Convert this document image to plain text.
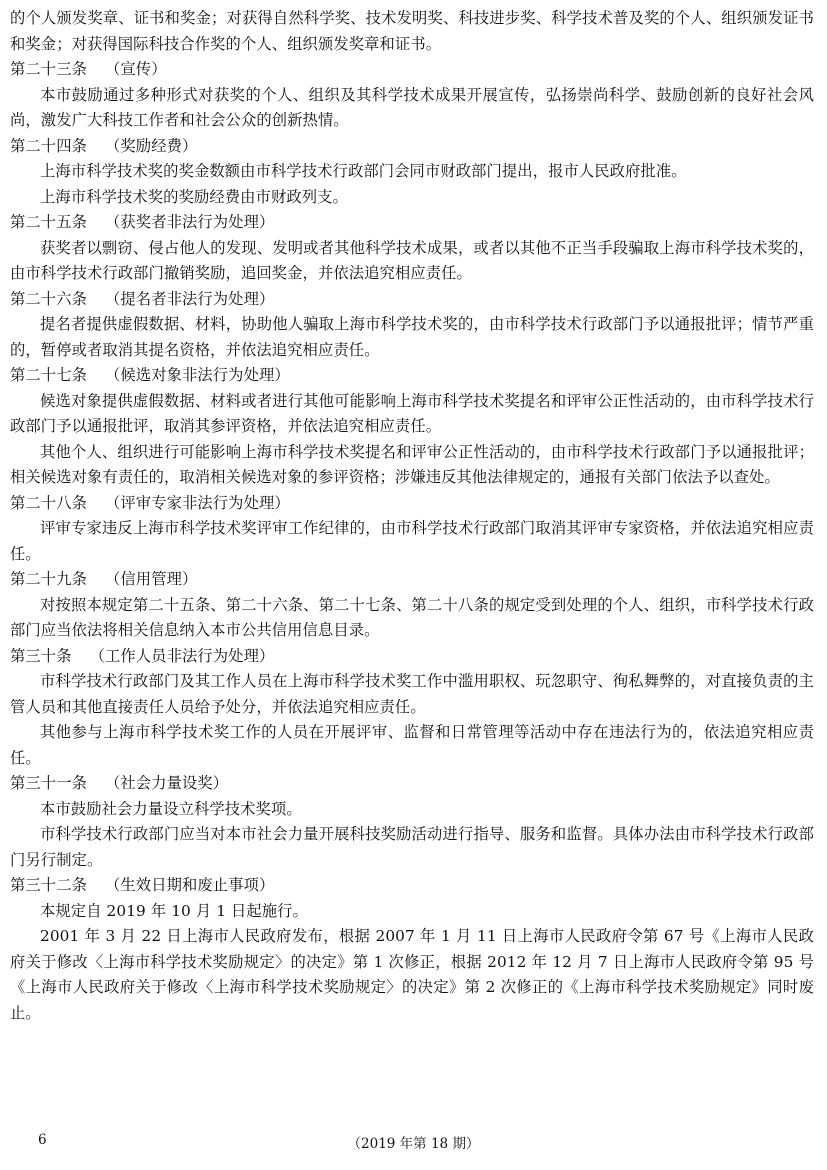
的个人颁发奖章、证书和奖金；对获得自然科学奖、技术发明奖、科技进步奖、科学技术普及奖的个人、组织颁发证书和奖金；对获得国际科技合作奖的个人、组织颁发奖章和证书。

第二十三条 （宣传）

本市鼓励通过多种形式对获奖的个人、组织及其科学技术成果开展宣传，弘扬崇尚科学、鼓励创新的良好社会风尚，激发广大科技工作者和社会公众的创新热情。

第二十四条 （奖励经费）

上海市科学技术奖的奖金数额由市科学技术行政部门会同市财政部门提出，报市人民政府批准。

上海市科学技术奖的奖励经费由市财政列支。

第二十五条 （获奖者非法行为处理）

获奖者以剽窃、侵占他人的发现、发明或者其他科学技术成果，或者以其他不正当手段骗取上海市科学技术奖的，由市科学技术行政部门撤销奖励，追回奖金，并依法追究相应责任。

第二十六条 （提名者非法行为处理）

提名者提供虚假数据、材料，协助他人骗取上海市科学技术奖的，由市科学技术行政部门予以通报批评；情节严重的，暂停或者取消其提名资格，并依法追究相应责任。

第二十七条 （候选对象非法行为处理）

候选对象提供虚假数据、材料或者进行其他可能影响上海市科学技术奖提名和评审公正性活动的，由市科学技术行政部门予以通报批评，取消其参评资格，并依法追究相应责任。

其他个人、组织进行可能影响上海市科学技术奖提名和评审公正性活动的，由市科学技术行政部门予以通报批评；相关候选对象有责任的，取消相关候选对象的参评资格；涉嫌违反其他法律规定的，通报有关部门依法予以查处。

第二十八条 （评审专家非法行为处理）

评审专家违反上海市科学技术奖评审工作纪律的，由市科学技术行政部门取消其评审专家资格，并依法追究相应责任。

第二十九条 （信用管理）

对按照本规定第二十五条、第二十六条、第二十七条、第二十八条的规定受到处理的个人、组织，市科学技术行政部门应当依法将相关信息纳入本市公共信用信息目录。

第三十条 （工作人员非法行为处理）

市科学技术行政部门及其工作人员在上海市科学技术奖工作中滥用职权、玩忽职守、徇私舞弊的，对直接负责的主管人员和其他直接责任人员给予处分，并依法追究相应责任。

其他参与上海市科学技术奖工作的人员在开展评审、监督和日常管理等活动中存在违法行为的，依法追究相应责任。

第三十一条 （社会力量设奖）

本市鼓励社会力量设立科学技术奖项。

市科学技术行政部门应当对本市社会力量开展科技奖励活动进行指导、服务和监督。具体办法由市科学技术行政部门另行制定。

第三十二条 （生效日期和废止事项）

本规定自 2019 年 10 月 1 日起施行。

2001 年 3 月 22 日上海市人民政府发布，根据 2007 年 1 月 11 日上海市人民政府令第 67 号《上海市人民政府关于修改〈上海市科学技术奖励规定〉的决定》第 1 次修正，根据 2012 年 12 月 7 日上海市人民政府令第 95 号《上海市人民政府关于修改〈上海市科学技术奖励规定〉的决定》第 2 次修正的《上海市科学技术奖励规定》同时废止。

6	（2019 年第 18 期）
